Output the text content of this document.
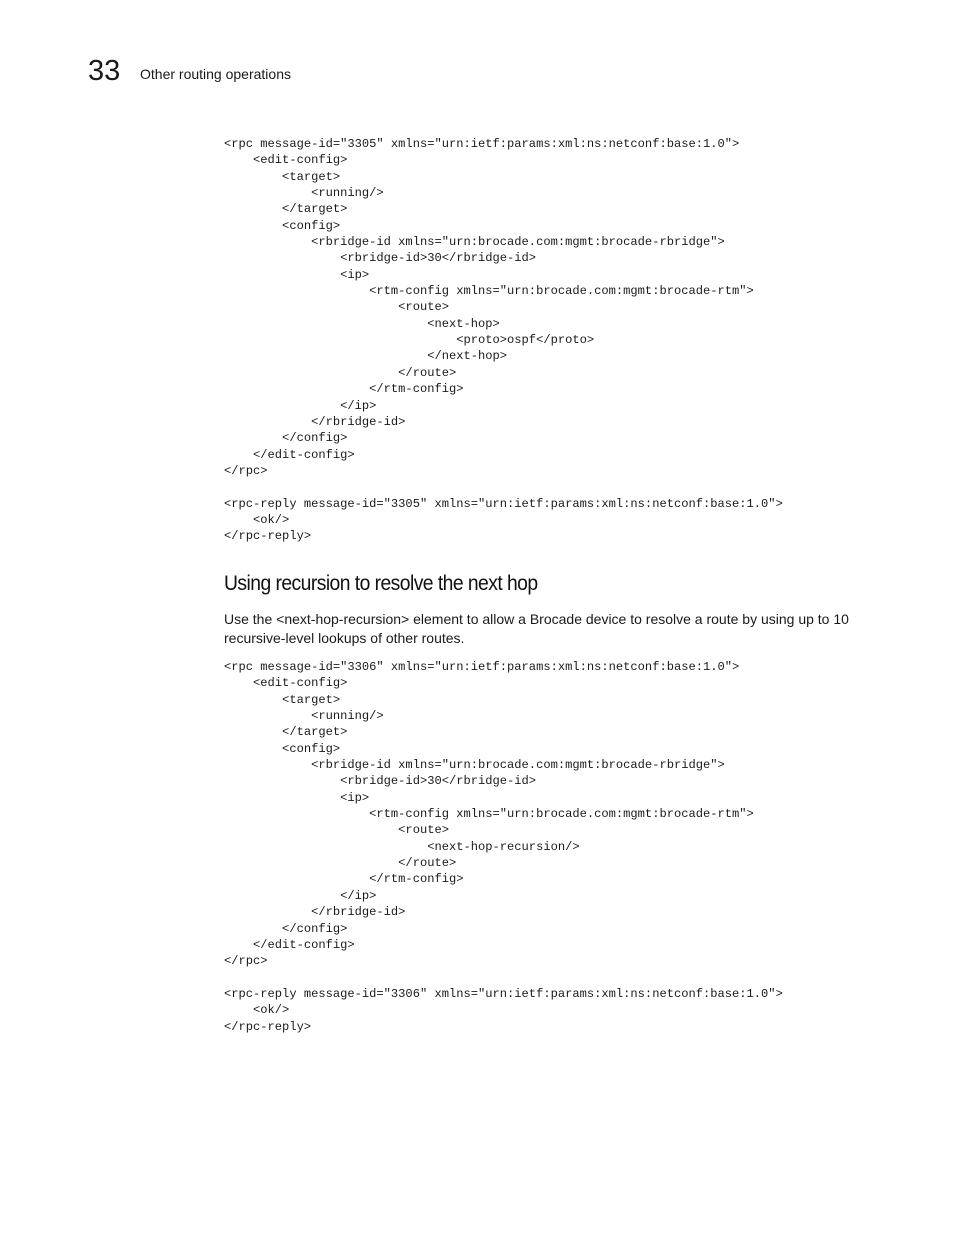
33 Other routing operations
<rpc message-id="3305" xmlns="urn:ietf:params:xml:ns:netconf:base:1.0">
<edit-config>
<target>
<running/>
</target>
<config>
<rbridge-id xmlns="urn:brocade.com:mgmt:brocade-rbridge">
<rbridge-id>30</rbridge-id>
<ip>
<rtm-config xmlns="urn:brocade.com:mgmt:brocade-rtm">
<route>
<next-hop>
<proto>ospf</proto>
</next-hop>
</route>
</rtm-config>
</ip>
</rbridge-id>
</config>
</edit-config>
</rpc>

<rpc-reply message-id="3305" xmlns="urn:ietf:params:xml:ns:netconf:base:1.0">
<ok/>
</rpc-reply>
Using recursion to resolve the next hop

Use the <next-hop-recursion> element to allow a Brocade device to resolve a route by using up to 10 recursive-level lookups of other routes.

<rpc message-id="3306" xmlns="urn:ietf:params:xml:ns:netconf:base:1.0">
<edit-config>
<target>
<running/>
</target>
<config>
<rbridge-id xmlns="urn:brocade.com:mgmt:brocade-rbridge">
<rbridge-id>30</rbridge-id>
<ip>
<rtm-config xmlns="urn:brocade.com:mgmt:brocade-rtm">
<route>
<next-hop-recursion/>
</route>
</rtm-config>
</ip>
</rbridge-id>
</config>
</edit-config>
</rpc>

<rpc-reply message-id="3306" xmlns="urn:ietf:params:xml:ns:netconf:base:1.0">
<ok/>
</rpc-reply>
